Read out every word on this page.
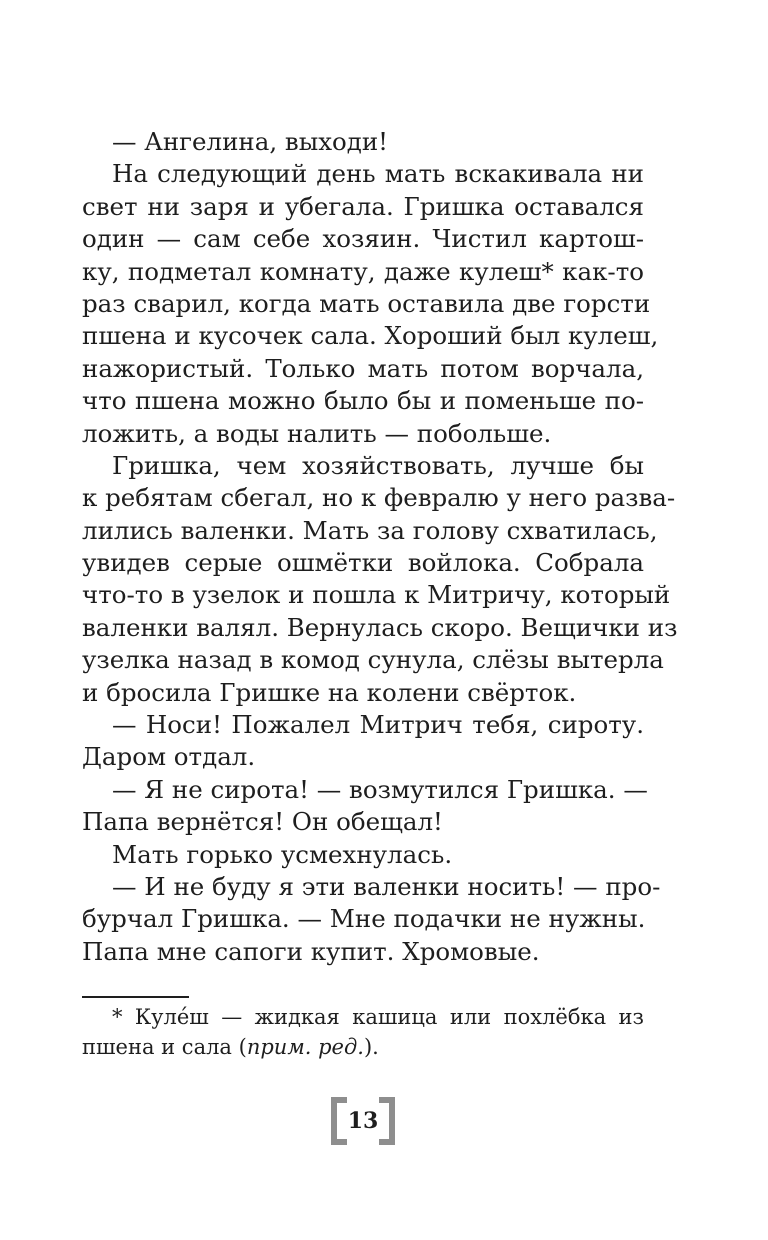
— Ангелина, выходи!
На следующий день мать вскакивала ни
свет ни заря и убегала. Гришка оставался
один — сам себе хозяин. Чистил картош-
ку, подметал комнату, даже кулеш* как-то
раз сварил, когда мать оставила две горсти
пшена и кусочек сала. Хороший был кулеш,
нажористый. Только мать потом ворчала,
что пшена можно было бы и поменьше по-
ложить, а воды налить — побольше.
Гришка, чем хозяйствовать, лучше бы
к ребятам сбегал, но к февралю у него разва-
лились валенки. Мать за голову схватилась,
увидев серые ошмётки войлока. Собрала
что-то в узелок и пошла к Митричу, который
валенки валял. Вернулась скоро. Вещички из
узелка назад в комод сунула, слёзы вытерла
и бросила Гришке на колени свёрток.
— Носи! Пожалел Митрич тебя, сироту.
Даром отдал.
— Я не сирота! — возмутился Гришка. —
Папа вернётся! Он обещал!
Мать горько усмехнулась.
— И не буду я эти валенки носить! — про-
бурчал Гришка. — Мне подачки не нужны.
Папа мне сапоги купит. Хромовые.
* Куле́ш — жидкая кашица или похлёбка из
пшена и сала (прим. ред.).
13
